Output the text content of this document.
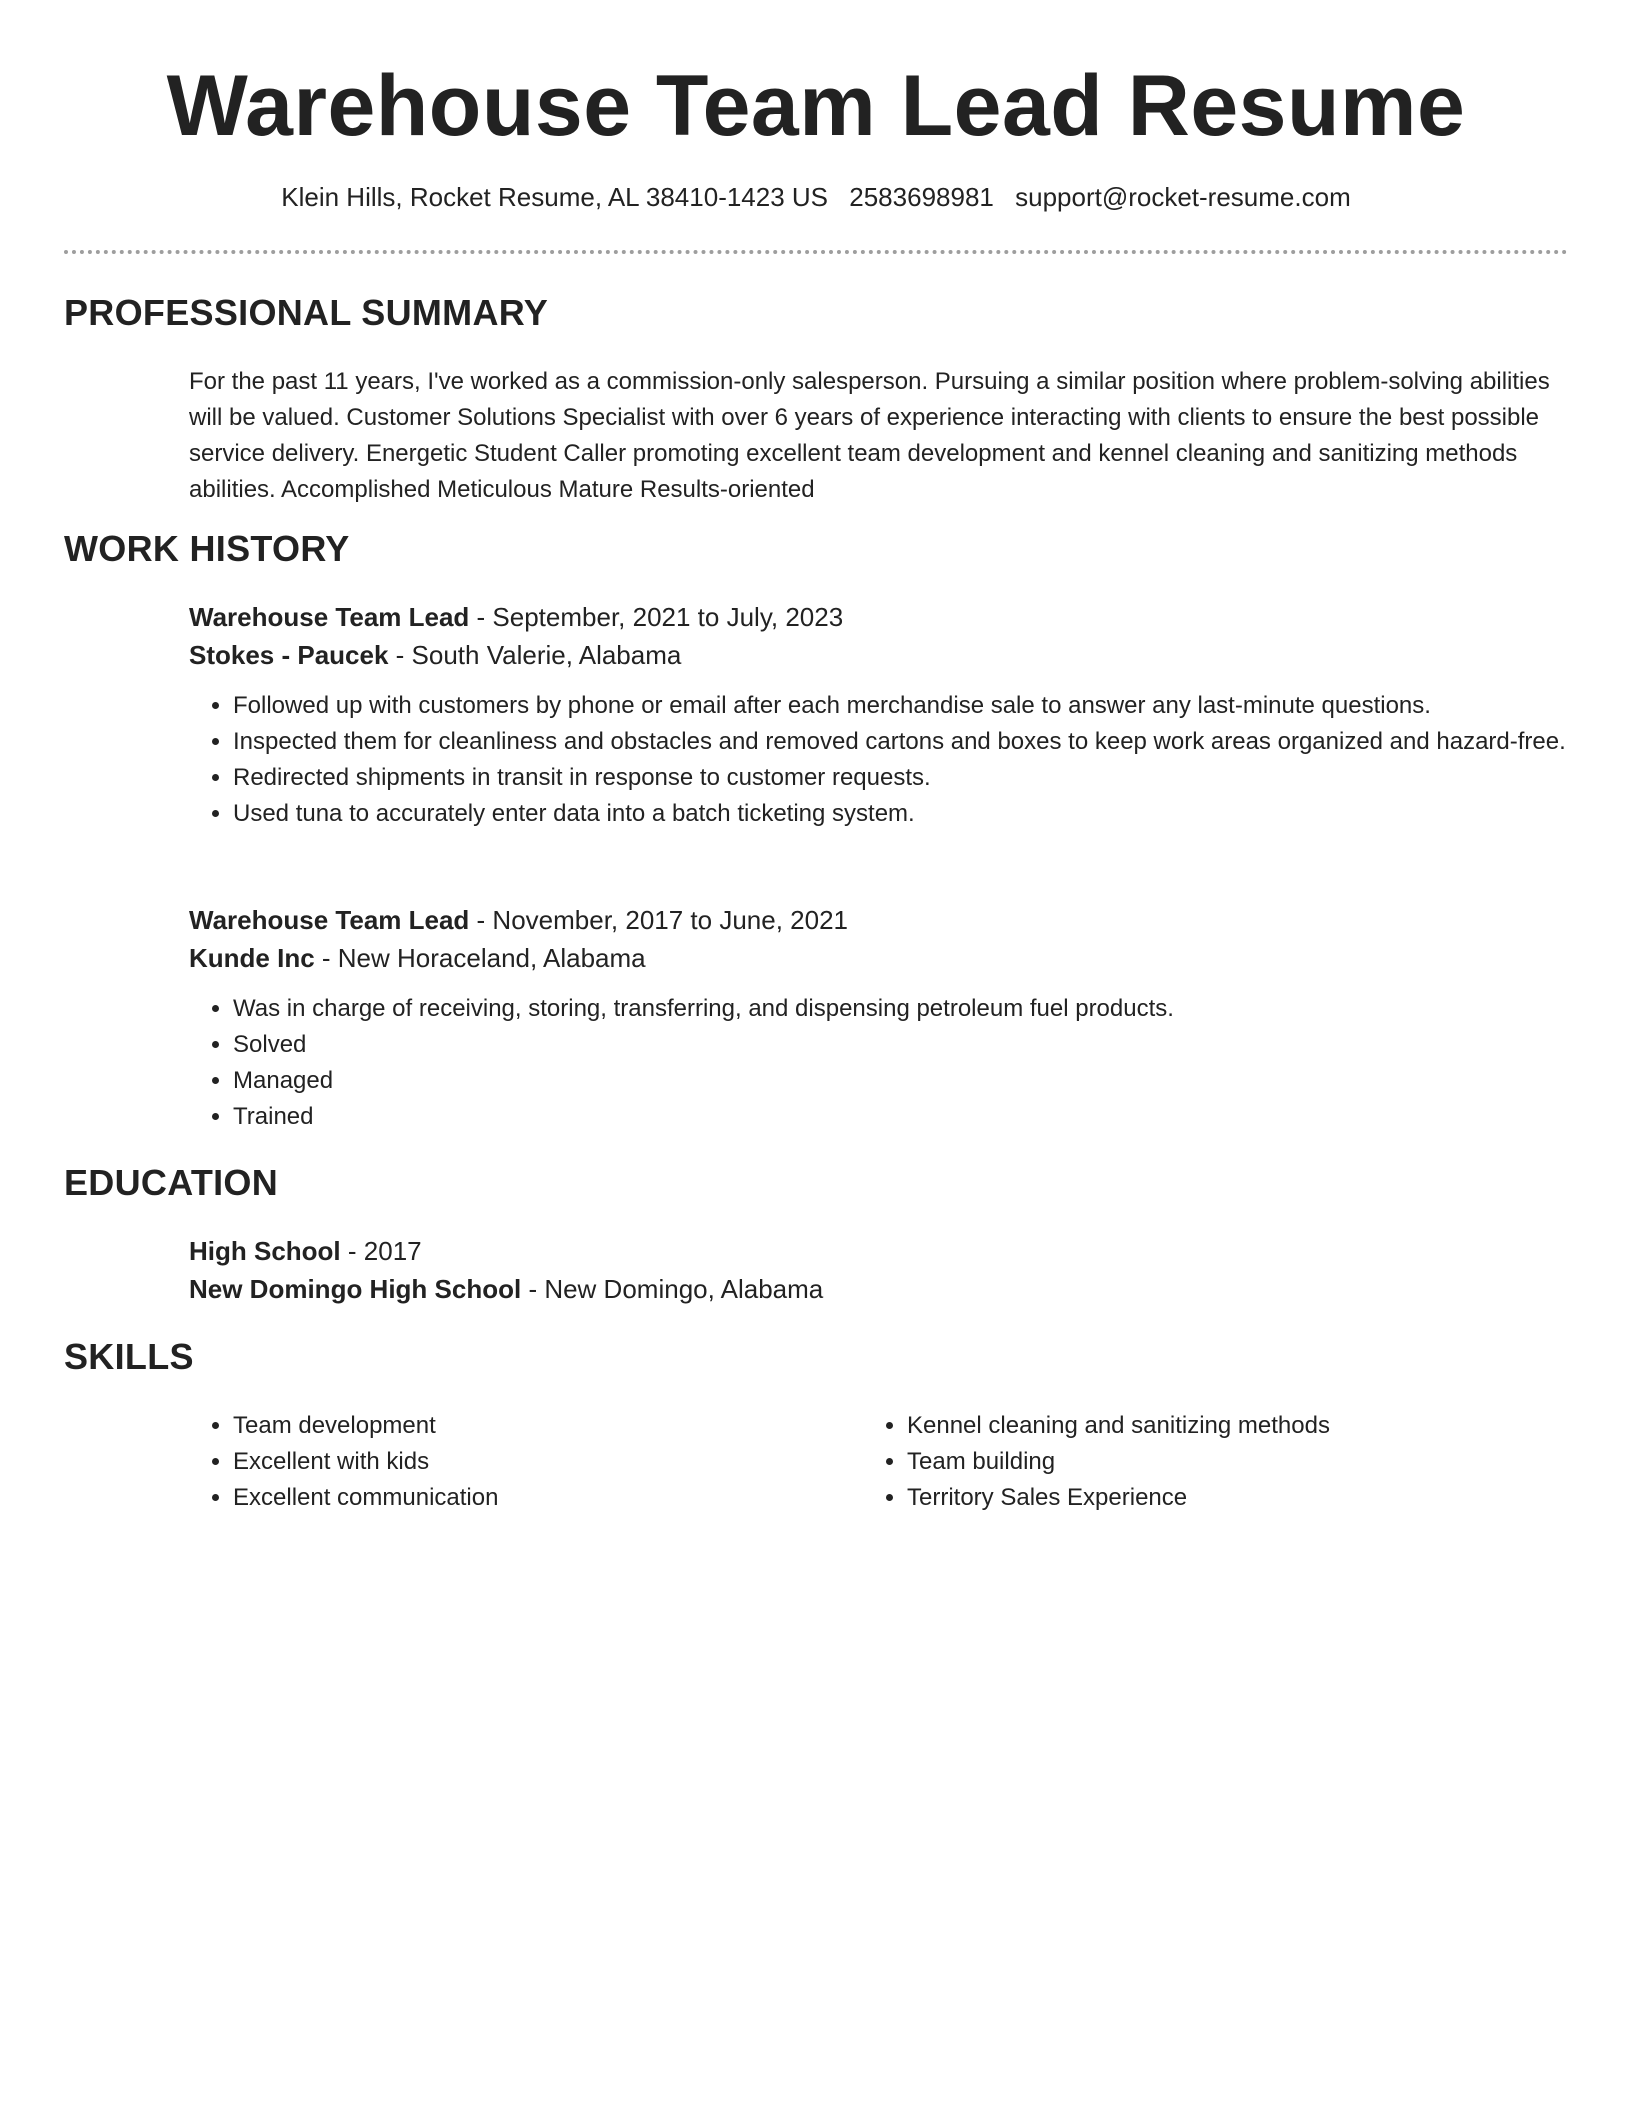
Warehouse Team Lead Resume
Klein Hills, Rocket Resume, AL 38410-1423 US 2583698981 support@rocket-resume.com
PROFESSIONAL SUMMARY

For the past 11 years, I've worked as a commission-only salesperson. Pursuing a similar position where problem-solving abilities will be valued. Customer Solutions Specialist with over 6 years of experience interacting with clients to ensure the best possible service delivery. Energetic Student Caller promoting excellent team development and kennel cleaning and sanitizing methods abilities. Accomplished Meticulous Mature Results-oriented

WORK HISTORY
Warehouse Team Lead - September, 2021 to July, 2023
Stokes - Paucek - South Valerie, Alabama
• Followed up with customers by phone or email after each merchandise sale to answer any last-minute questions.
• Inspected them for cleanliness and obstacles and removed cartons and boxes to keep work areas organized and hazard-free.
• Redirected shipments in transit in response to customer requests.
• Used tuna to accurately enter data into a batch ticketing system.
Warehouse Team Lead - November, 2017 to June, 2021
Kunde Inc - New Horaceland, Alabama
• Was in charge of receiving, storing, transferring, and dispensing petroleum fuel products.
• Solved
• Managed
• Trained
EDUCATION
High School - 2017
New Domingo High School - New Domingo, Alabama
SKILLS
• Team development
• Excellent with kids
• Excellent communication
• Kennel cleaning and sanitizing methods
• Team building
• Territory Sales Experience
